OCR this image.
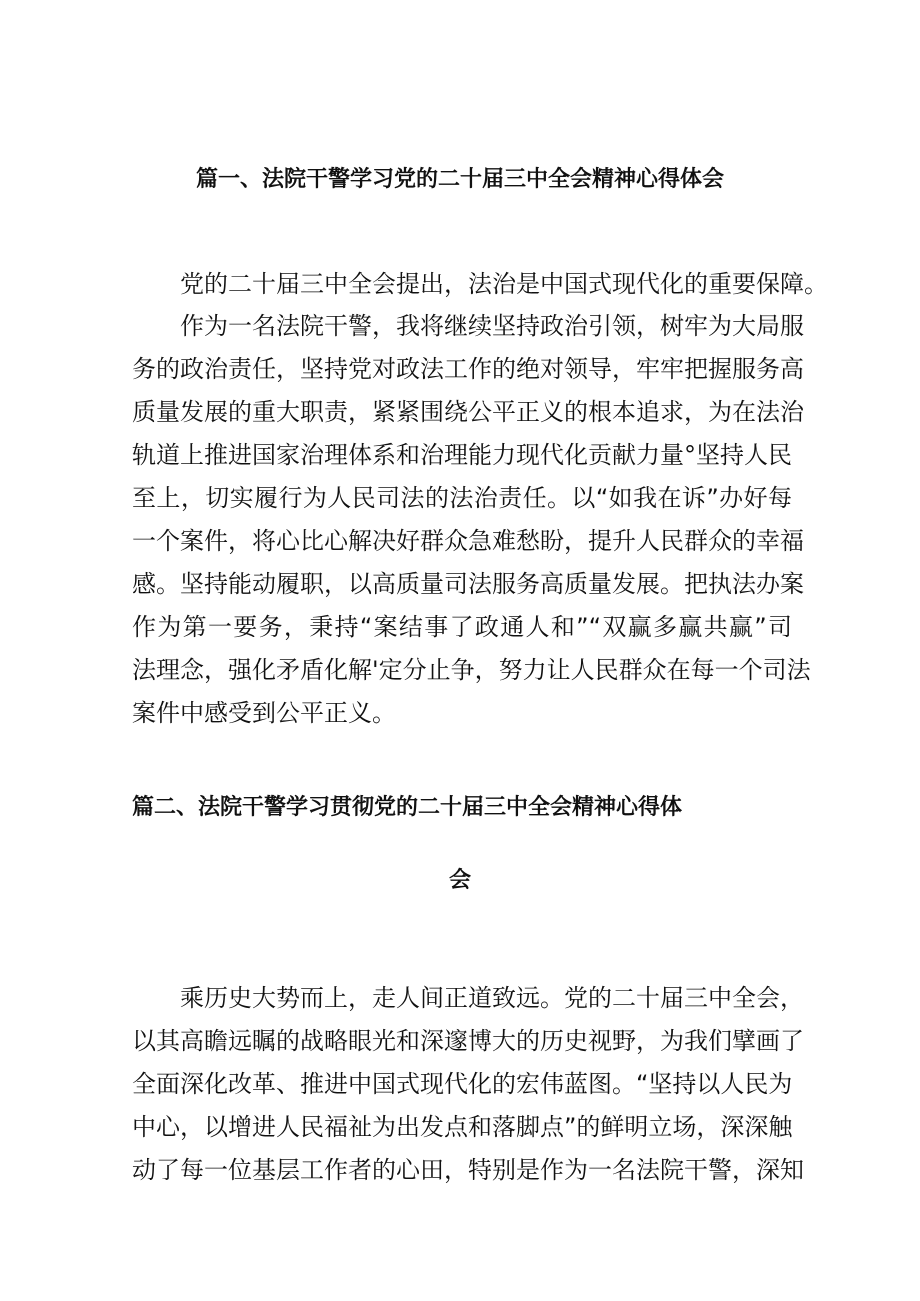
篇一、法院干警学习党的二十届三中全会精神心得体会
党的二十届三中全会提出，法治是中国式现代化的重要保障。
作为一名法院干警，我将继续坚持政治引领，树牢为大局服
务的政治责任，坚持党对政法工作的绝对领导，牢牢把握服务高
质量发展的重大职责，紧紧围绕公平正义的根本追求，为在法治
轨道上推进国家治理体系和治理能力现代化贡献力量°坚持人民
至上，切实履行为人民司法的法治责任。以“如我在诉”办好每
一个案件，将心比心解决好群众急难愁盼，提升人民群众的幸福
感。坚持能动履职，以高质量司法服务高质量发展。把执法办案
作为第一要务，秉持“案结事了政通人和”“双赢多赢共赢”司
法理念，强化矛盾化解'定分止争，努力让人民群众在每一个司法
案件中感受到公平正义。
篇二、法院干警学习贯彻党的二十届三中全会精神心得体
会
乘历史大势而上，走人间正道致远。党的二十届三中全会，
以其高瞻远瞩的战略眼光和深邃博大的历史视野，为我们擘画了
全面深化改革、推进中国式现代化的宏伟蓝图。“坚持以人民为
中心，以增进人民福祉为出发点和落脚点”的鲜明立场，深深触
动了每一位基层工作者的心田，特别是作为一名法院干警，深知
